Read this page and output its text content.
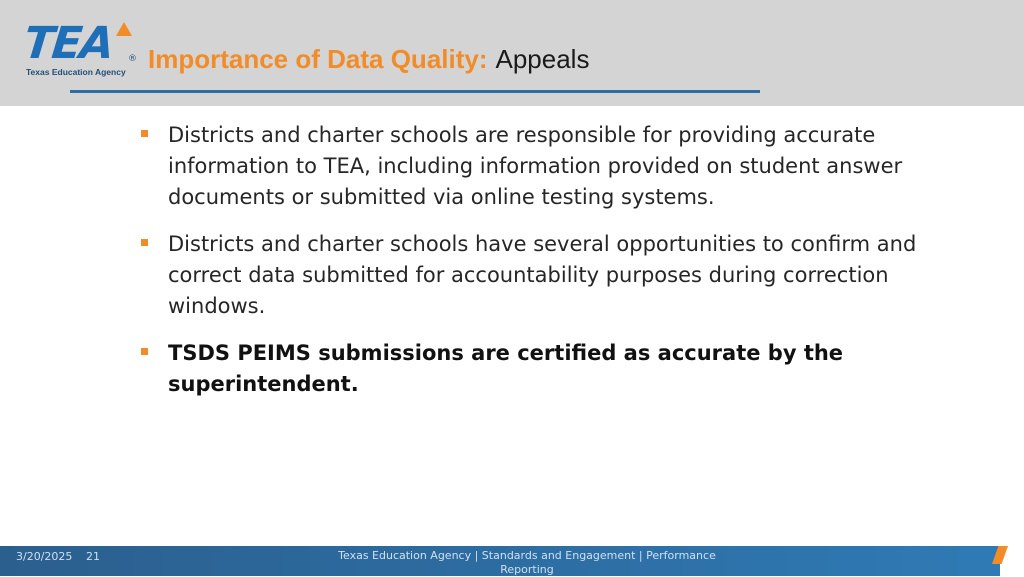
TEA ®
Texas Education Agency Importance of Data Quality: Appeals
Districts and charter schools are responsible for providing accurate information to TEA, including information provided on student answer documents or submitted via online testing systems.
Districts and charter schools have several opportunities to confirm and correct data submitted for accountability purposes during correction windows.
TSDS PEIMS submissions are certified as accurate by the superintendent.
3/20/2025 21	Texas Education Agency | Standards and Engagement | Performance Reporting
